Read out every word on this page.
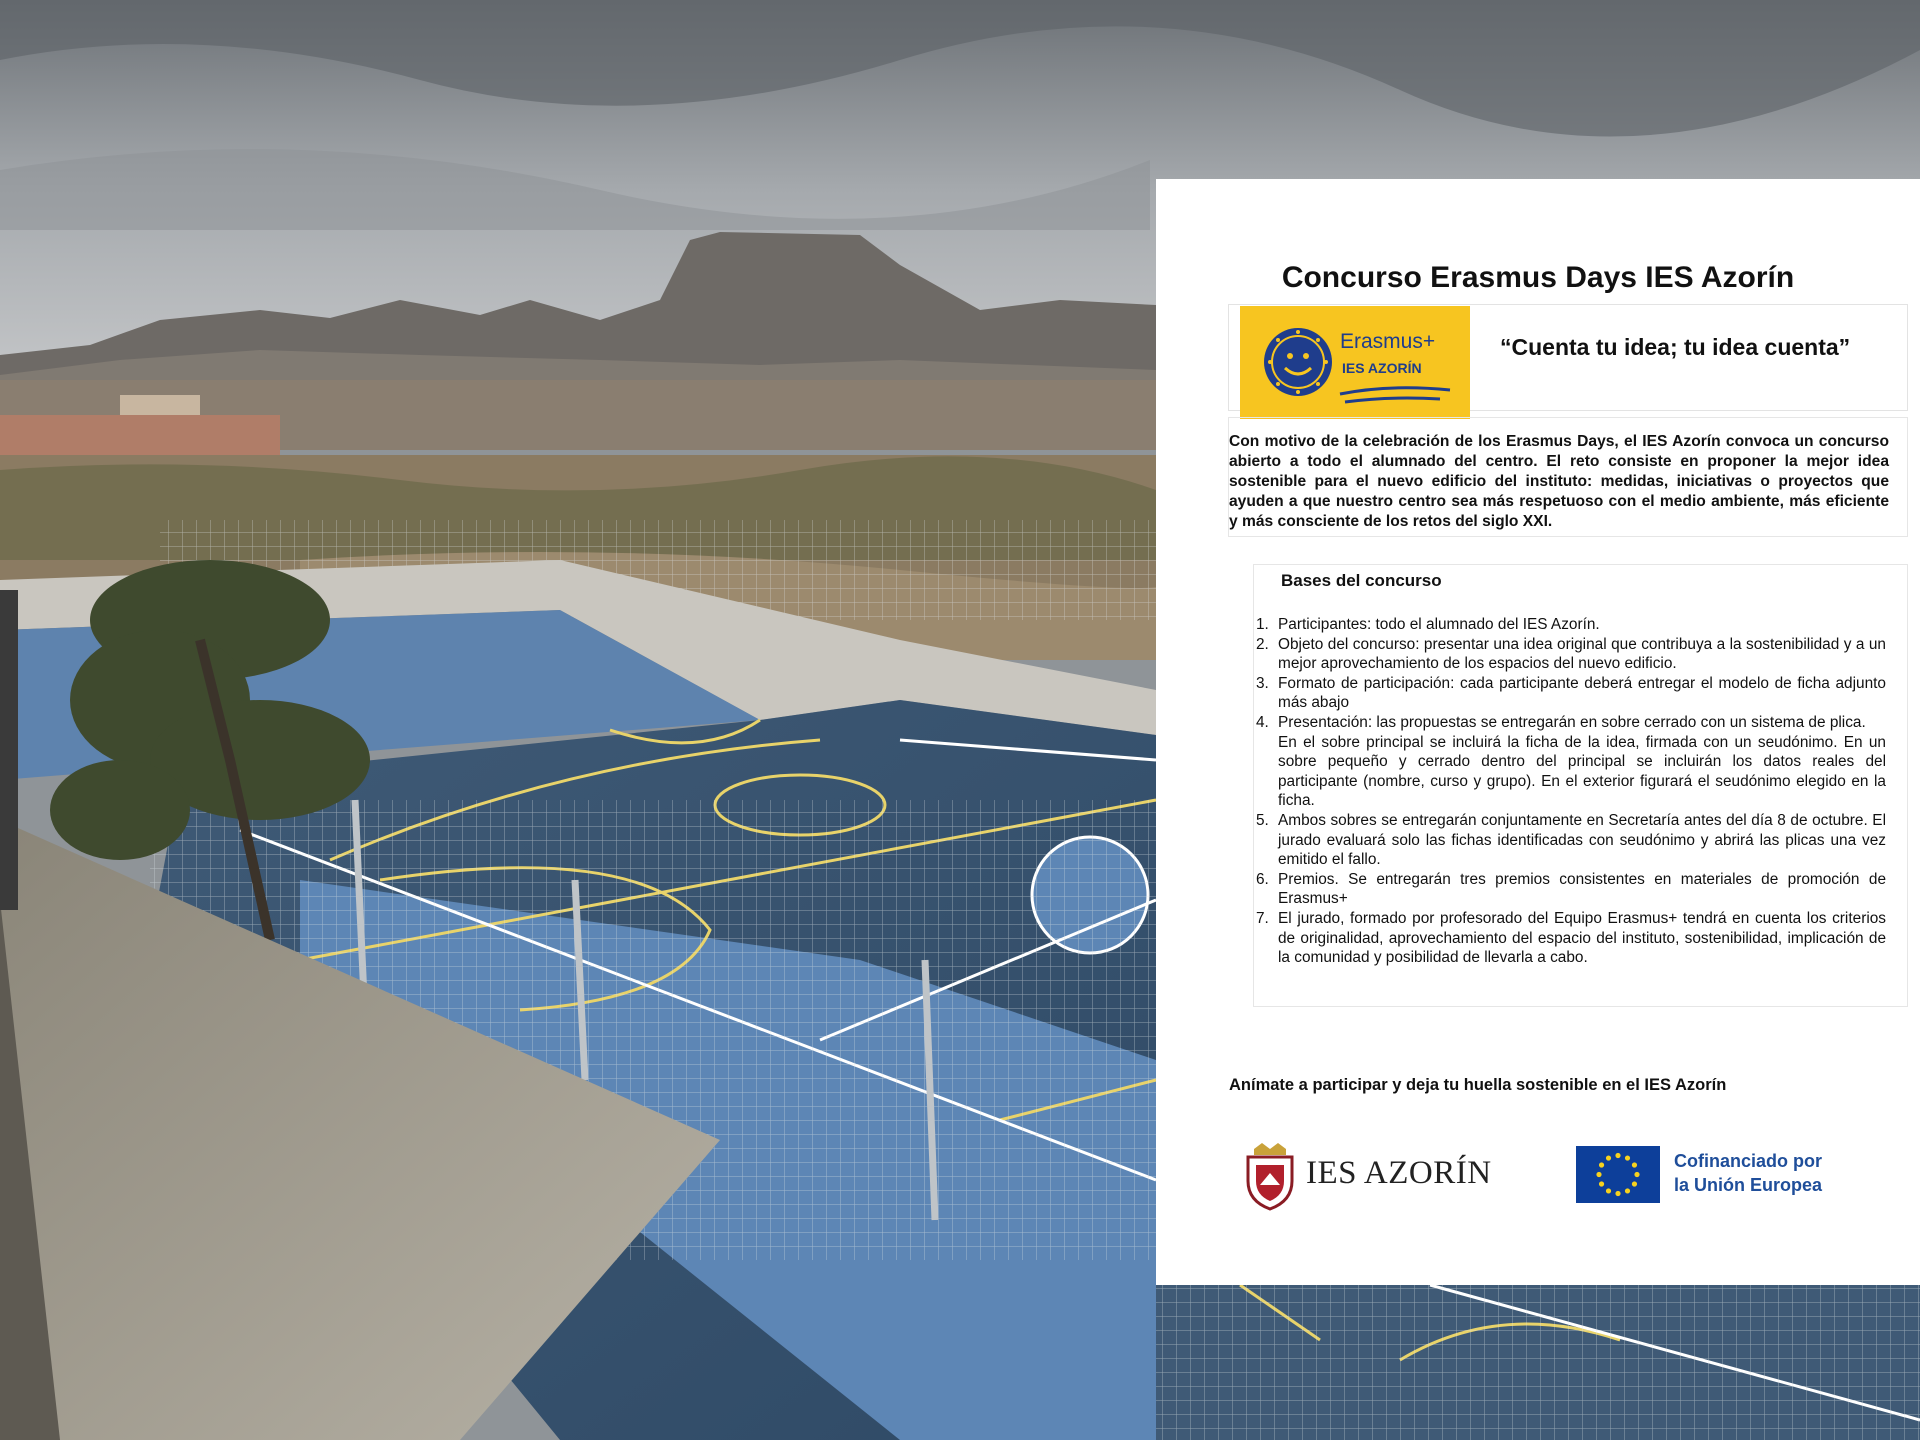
Concurso Erasmus Days IES Azorín
Erasmus+
IES AZORÍN
“Cuenta tu idea; tu idea cuenta”

Con motivo de la celebración de los Erasmus Days, el IES Azorín convoca un concurso abierto a todo el alumnado del centro. El reto consiste en proponer la mejor idea sostenible para el nuevo edificio del instituto: medidas, iniciativas o proyectos que ayuden a que nuestro centro sea más respetuoso con el medio ambiente, más eficiente y más consciente de los retos del siglo XXI.

Bases del concurso
1. Participantes: todo el alumnado del IES Azorín.
2. Objeto del concurso: presentar una idea original que contribuya a la sostenibilidad y a un mejor aprovechamiento de los espacios del nuevo edificio.
3. Formato de participación: cada participante deberá entregar el modelo de ficha adjunto más abajo
4. Presentación: las propuestas se entregarán en sobre cerrado con un sistema de plica.
En el sobre principal se incluirá la ficha de la idea, firmada con un seudónimo. En un sobre pequeño y cerrado dentro del principal se incluirán los datos reales del participante (nombre, curso y grupo). En el exterior figurará el seudónimo elegido en la ficha.
5. Ambos sobres se entregarán conjuntamente en Secretaría antes del día 8 de octubre. El jurado evaluará solo las fichas identificadas con seudónimo y abrirá las plicas una vez emitido el fallo.
6. Premios. Se entregarán tres premios consistentes en materiales de promoción de Erasmus+
7. El jurado, formado por profesorado del Equipo Erasmus+ tendrá en cuenta los criterios de originalidad, aprovechamiento del espacio del instituto, sostenibilidad, implicación de la comunidad y posibilidad de llevarla a cabo.
Anímate a participar y deja tu huella sostenible en el IES Azorín
IES AZORÍN	Cofinanciado por
la Unión Europea
